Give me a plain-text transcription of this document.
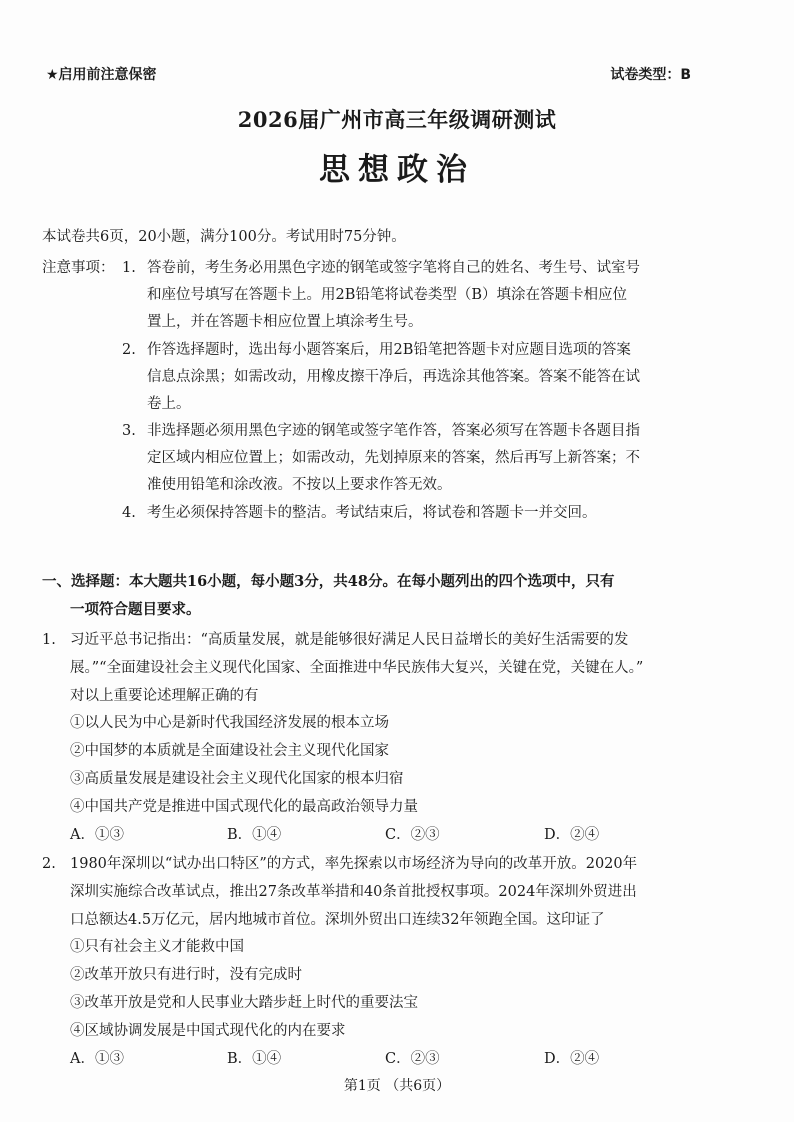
★启用前注意保密	试卷类型：B
2026届广州市高三年级调研测试
思想政治
本试卷共6页，20小题，满分100分。考试用时75分钟。
注意事项： 1. 答卷前，考生务必用黑色字迹的钢笔或签字笔将自己的姓名、考生号、试室号
和座位号填写在答题卡上。用2B铅笔将试卷类型（B）填涂在答题卡相应位
置上，并在答题卡相应位置上填涂考生号。
2. 作答选择题时，选出每小题答案后，用2B铅笔把答题卡对应题目选项的答案
信息点涂黑；如需改动，用橡皮擦干净后，再选涂其他答案。答案不能答在试
卷上。
3. 非选择题必须用黑色字迹的钢笔或签字笔作答，答案必须写在答题卡各题目指
定区域内相应位置上；如需改动，先划掉原来的答案，然后再写上新答案；不
准使用铅笔和涂改液。不按以上要求作答无效。
4. 考生必须保持答题卡的整洁。考试结束后，将试卷和答题卡一并交回。
一、选择题：本大题共16小题，每小题3分，共48分。在每小题列出的四个选项中，只有
一项符合题目要求。
1. 习近平总书记指出：“高质量发展，就是能够很好满足人民日益增长的美好生活需要的发
展。”“全面建设社会主义现代化国家、全面推进中华民族伟大复兴，关键在党，关键在人。”
对以上重要论述理解正确的有
①以人民为中心是新时代我国经济发展的根本立场
②中国梦的本质就是全面建设社会主义现代化国家
③高质量发展是建设社会主义现代化国家的根本归宿
④中国共产党是推进中国式现代化的最高政治领导力量
A．①③	B．①④	C．②③	D．②④
2. 1980年深圳以“试办出口特区”的方式，率先探索以市场经济为导向的改革开放。2020年
深圳实施综合改革试点，推出27条改革举措和40条首批授权事项。2024年深圳外贸进出
口总额达4.5万亿元，居内地城市首位。深圳外贸出口连续32年领跑全国。这印证了
①只有社会主义才能救中国
②改革开放只有进行时，没有完成时
③改革开放是党和人民事业大踏步赶上时代的重要法宝
④区域协调发展是中国式现代化的内在要求
A．①③	B．①④	C．②③	D．②④
第1页 （共6页）
